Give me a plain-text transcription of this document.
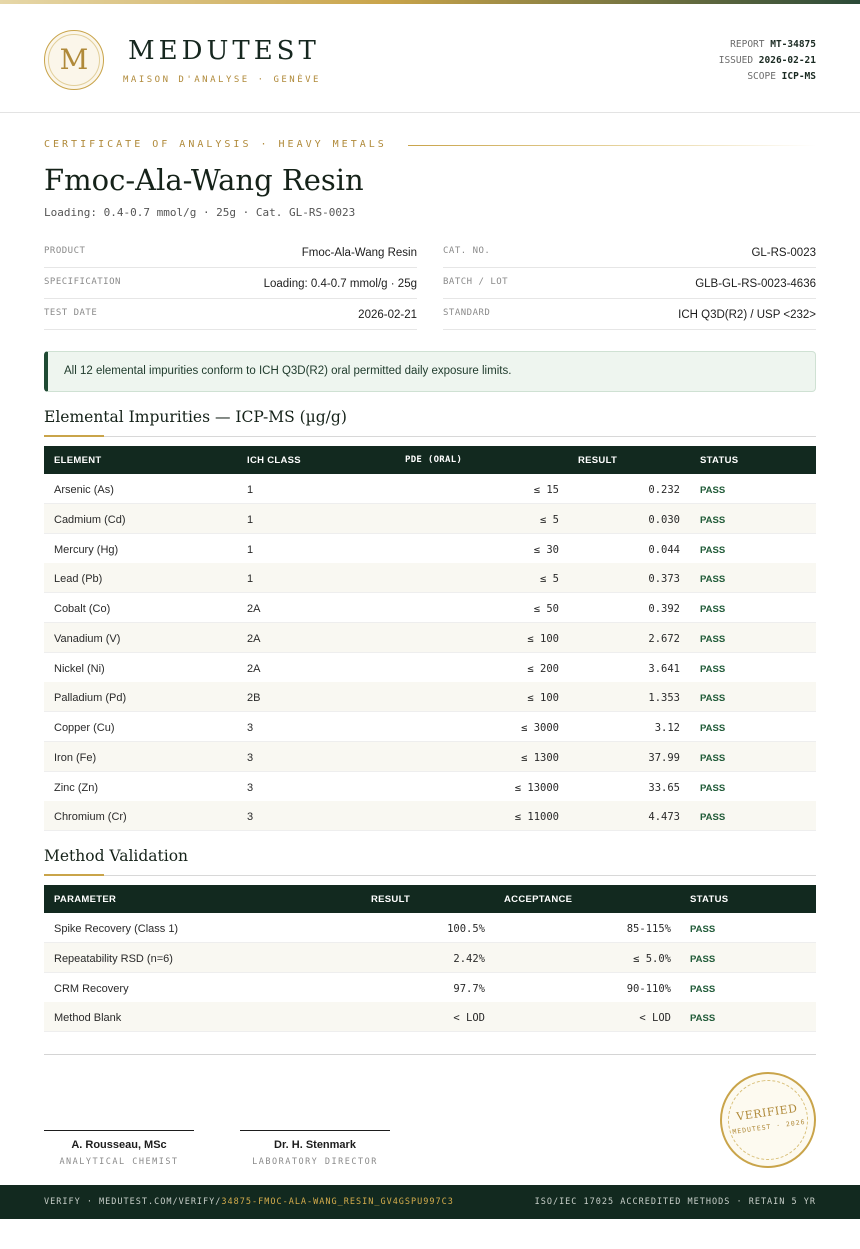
M	MEDUTEST
MAISON D'ANALYSE · GENÈVE
REPORT MT-34875
ISSUED 2026-02-21
SCOPE ICP-MS
CERTIFICATE OF ANALYSIS · HEAVY METALS
Fmoc-Ala-Wang Resin
Loading: 0.4-0.7 mmol/g · 25g · Cat. GL-RS-0023
PRODUCT	Fmoc-Ala-Wang Resin
SPECIFICATION	Loading: 0.4-0.7 mmol/g · 25g
TEST DATE	2026-02-21
CAT. NO.	GL-RS-0023
BATCH / LOT	GLB-GL-RS-0023-4636
STANDARD	ICH Q3D(R2) / USP <232>
All 12 elemental impurities conform to ICH Q3D(R2) oral permitted daily exposure limits.
Elemental Impurities — ICP-MS (µg/g)
ELEMENT	ICH CLASS	PDE (ORAL)	RESULT	STATUS
Arsenic (As)	1	≤ 15	0.232 PASS
Cadmium (Cd)	1	≤ 5	0.030 PASS
Mercury (Hg)	1	≤ 30	0.044 PASS
Lead (Pb)	1	≤ 5	0.373 PASS
Cobalt (Co)	2A	≤ 50	0.392 PASS
Vanadium (V)	2A	≤ 100	2.672 PASS
Nickel (Ni)	2A	≤ 200	3.641 PASS
Palladium (Pd)	2B	≤ 100	1.353 PASS
Copper (Cu)	3	≤ 3000	3.12 PASS
Iron (Fe)	3	≤ 1300	37.99 PASS
Zinc (Zn)	3	≤ 13000	33.65 PASS
Chromium (Cr)	3	≤ 11000	4.473 PASS
Method Validation
PARAMETER	RESULT	ACCEPTANCE	STATUS
Spike Recovery (Class 1)	100.5%	85-115% PASS
Repeatability RSD (n=6)	2.42%	≤ 5.0% PASS
CRM Recovery	97.7%	90-110% PASS
Method Blank	< LOD	< LOD PASS
A. Rousseau, MSc
ANALYTICAL CHEMIST
Dr. H. Stenmark
LABORATORY DIRECTOR
VERIFIED
MEDUTEST · 2026
VERIFY · MEDUTEST.COM/VERIFY/34875-FMOC-ALA-WANG_RESIN_GV4GSPU997C3	ISO/IEC 17025 ACCREDITED METHODS · RETAIN 5 YR
